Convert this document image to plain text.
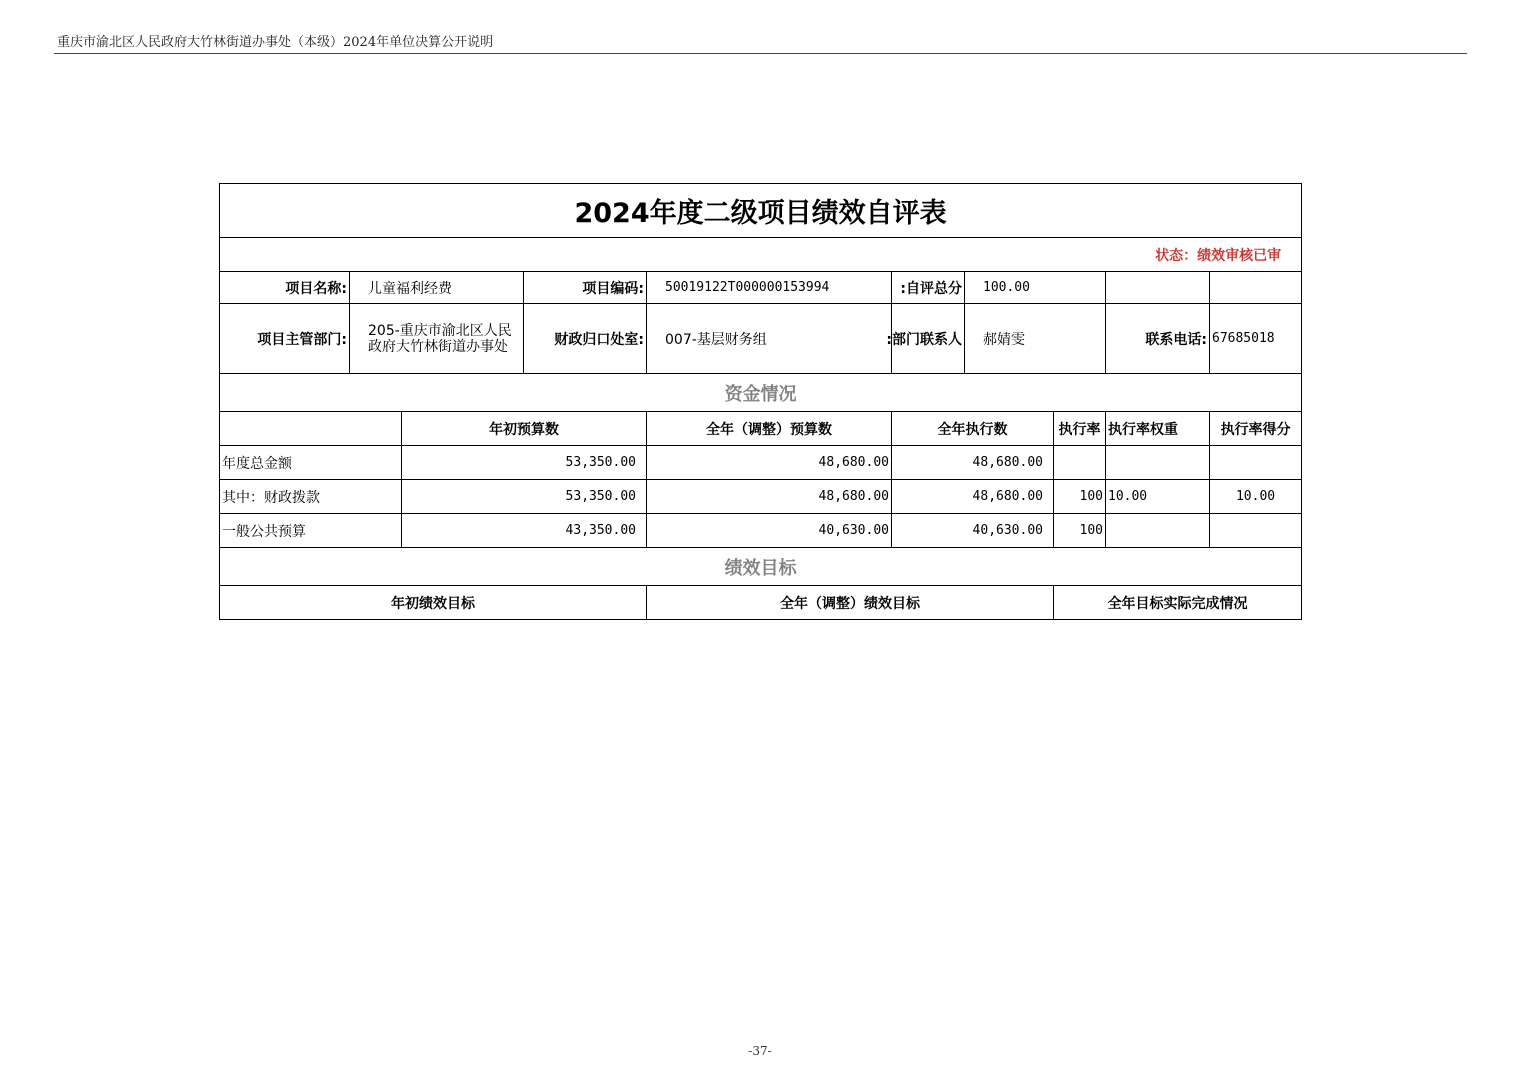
重庆市渝北区人民政府大竹林街道办事处（本级）2024年单位决算公开说明
2024年度二级项目绩效自评表									
状态：绩效审核已审									
项目名称:	儿童福利经费		项目编码:	50019122T000000153994	自评总分:	100.00			
项目主管部门:	205-重庆市渝北区人民政府大竹林街道办事处		财政归口处室:	007-基层财务组	部门联系人:	郝婧雯		联系电话:	67685018
资金情况									
		年初预算数		全年（调整）预算数	全年执行数		执行率	执行率权重	执行率得分
年度总金额		53,350.00		48,680.00	48,680.00				
其中：财政拨款		53,350.00		48,680.00	48,680.00		100	10.00	10.00
一般公共预算		43,350.00		40,630.00	40,630.00		100		
绩效目标									
年初绩效目标				全年（调整）绩效目标			全年目标实际完成情况		
-37-
